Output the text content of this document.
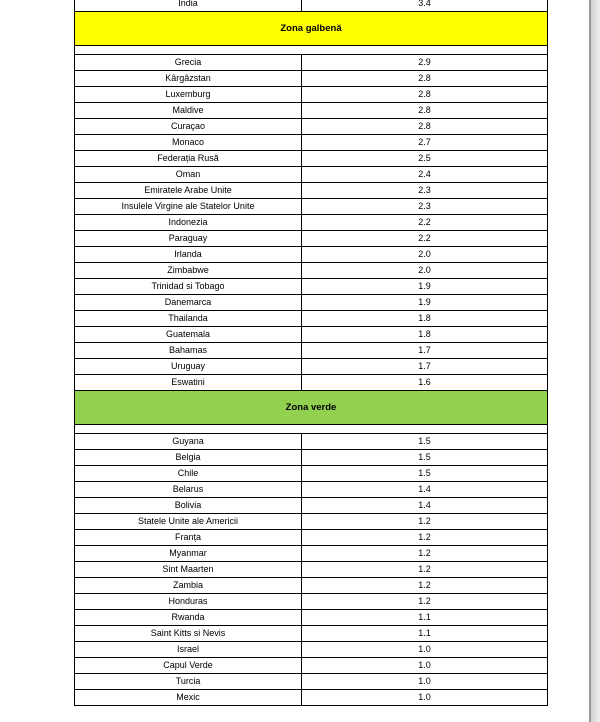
India	3.4
Zona galbenă	

Grecia	2.9
Kârgâzstan	2.8
Luxemburg	2.8
Maldive	2.8
Curaçao	2.8
Monaco	2.7
Federația Rusă	2.5
Oman	2.4
Emiratele Arabe Unite	2.3
Insulele Virgine ale Statelor Unite	2.3
Indonezia	2.2
Paraguay	2.2
Irlanda	2.0
Zimbabwe	2.0
Trinidad si Tobago	1.9
Danemarca	1.9
Thailanda	1.8
Guatemala	1.8
Bahamas	1.7
Uruguay	1.7
Eswatini	1.6
Zona verde	

Guyana	1.5
Belgia	1.5
Chile	1.5
Belarus	1.4
Bolivia	1.4
Statele Unite ale Americii	1.2
Franța	1.2
Myanmar	1.2
Sint Maarten	1.2
Zambia	1.2
Honduras	1.2
Rwanda	1.1
Saint Kitts si Nevis	1.1
Israel	1.0
Capul Verde	1.0
Turcia	1.0
Mexic	1.0
